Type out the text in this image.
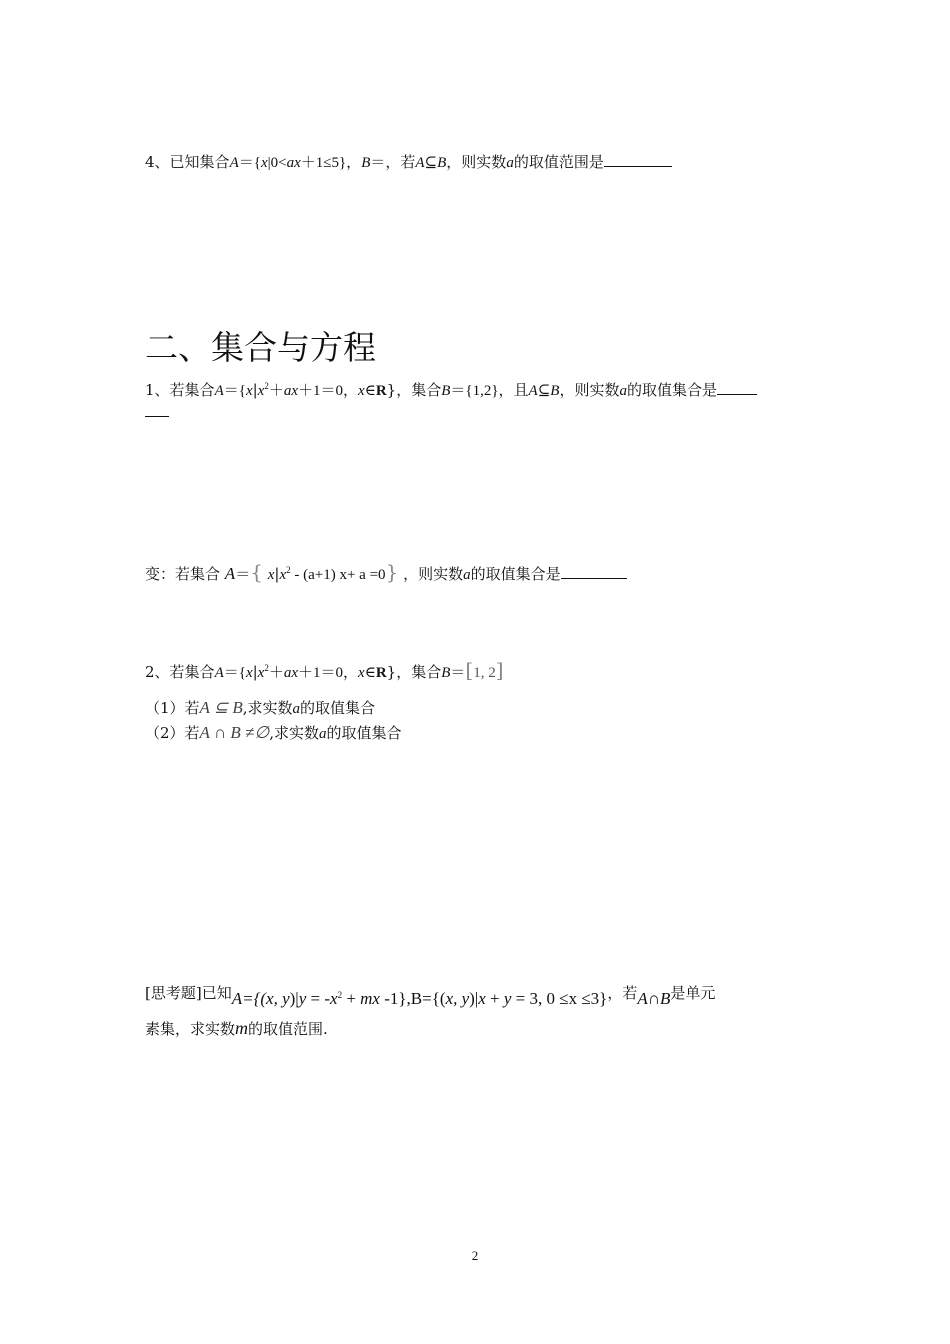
4、已知集合A＝{x|0<ax＋1≤5}，B＝，若A⊆B，则实数a的取值范围是
二、集合与方程
1、若集合$A=\{x|x^2+ax+1=0$，x∈R}，集合B＝{1,2}，且A⊆B，则实数a的取值集合是
变：若集合 A＝{ $x|x^2 - (a+1)$ x+ a =0} ，则实数a的取值集合是
2、若集合$A=\{x|x^2+ax+1=0$，x∈R}，集合B＝[1, 2]
（1）若A ⊆ B,求实数a的取值集合
（2）若A ∩ B ≠∅,求实数a的取值集合
[思考题]已知A={(x, $y)|y = -x^2$ + mx -1},B={(x, y)|x + y = 3, 0 ≤x ≤3}，若A∩B是单元
素集，求实数m的取值范围.
2
